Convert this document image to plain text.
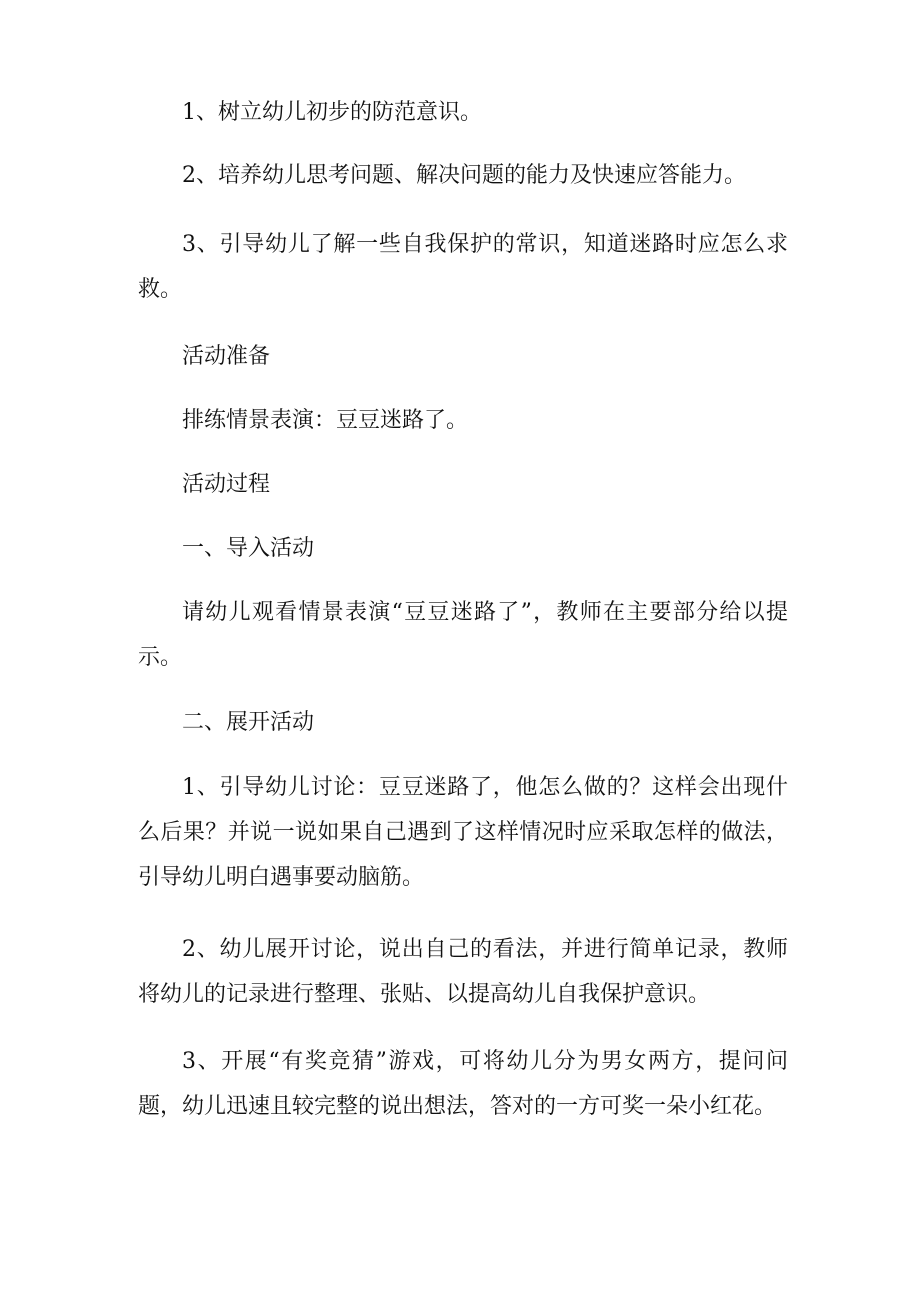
1、树立幼儿初步的防范意识。

2、培养幼儿思考问题、解决问题的能力及快速应答能力。

3、引导幼儿了解一些自我保护的常识，知道迷路时应怎么求救。

活动准备

排练情景表演：豆豆迷路了。

活动过程

一、导入活动

请幼儿观看情景表演“豆豆迷路了”，教师在主要部分给以提示。

二、展开活动

1、引导幼儿讨论：豆豆迷路了，他怎么做的？这样会出现什么后果？并说一说如果自己遇到了这样情况时应采取怎样的做法，引导幼儿明白遇事要动脑筋。

2、幼儿展开讨论，说出自己的看法，并进行简单记录，教师将幼儿的记录进行整理、张贴、以提高幼儿自我保护意识。

3、开展“有奖竞猜”游戏，可将幼儿分为男女两方，提问问题，幼儿迅速且较完整的说出想法，答对的一方可奖一朵小红花。
